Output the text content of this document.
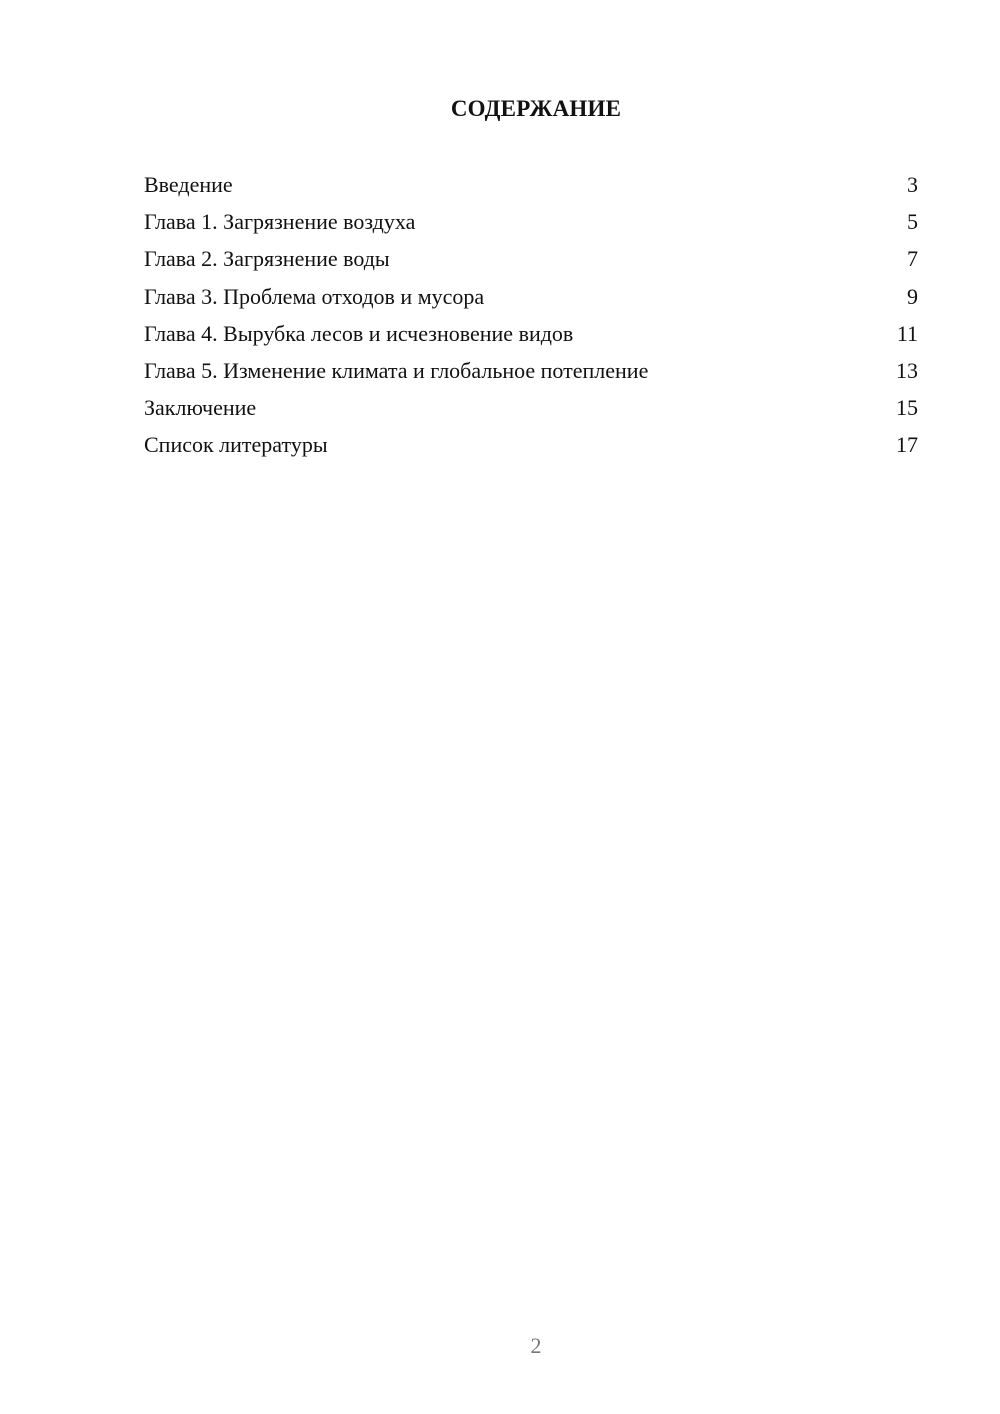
СОДЕРЖАНИЕ
Введение	3
Глава 1. Загрязнение воздуха	5
Глава 2. Загрязнение воды	7
Глава 3. Проблема отходов и мусора	9
Глава 4. Вырубка лесов и исчезновение видов	11
Глава 5. Изменение климата и глобальное потепление	13
Заключение	15
Список литературы	17
2
